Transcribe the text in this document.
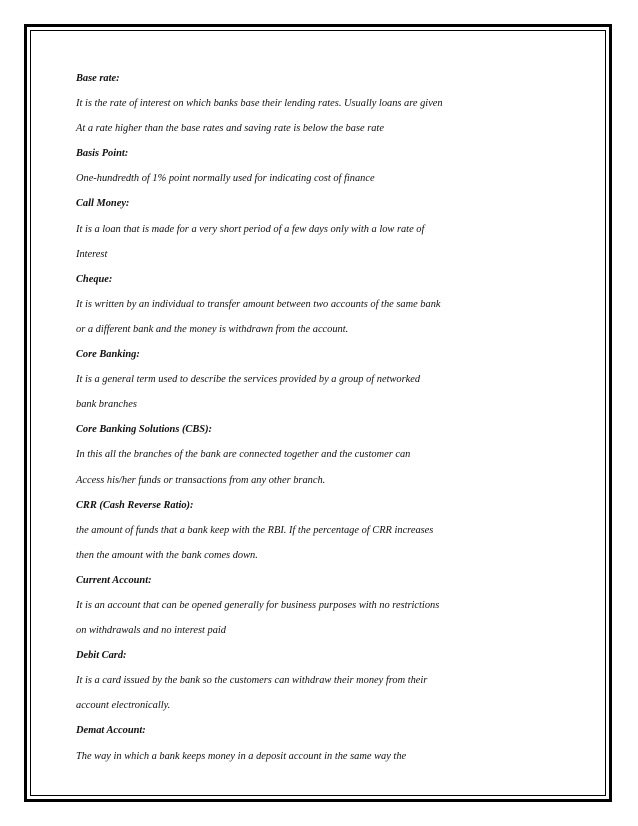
Base rate:
It is the rate of interest on which banks base their lending rates. Usually loans are given
At a rate higher than the base rates and saving rate is below the base rate
Basis Point:
One-hundredth of 1% point normally used for indicating cost of finance
Call Money:
It is a loan that is made for a very short period of a few days only with a low rate of
Interest
Cheque:
It is written by an individual to transfer amount between two accounts of the same bank
or a different bank and the money is withdrawn from the account.
Core Banking:
It is a general term used to describe the services provided by a group of networked
bank branches
Core Banking Solutions (CBS):
In this all the branches of the bank are connected together and the customer can
Access his/her funds or transactions from any other branch.
CRR (Cash Reverse Ratio):
the amount of funds that a bank keep with the RBI. If the percentage of CRR increases
then the amount with the bank comes down.
Current Account:
It is an account that can be opened generally for business purposes with no restrictions
on withdrawals and no interest paid
Debit Card:
It is a card issued by the bank so the customers can withdraw their money from their
account electronically.
Demat Account:
The way in which a bank keeps money in a deposit account in the same way the
